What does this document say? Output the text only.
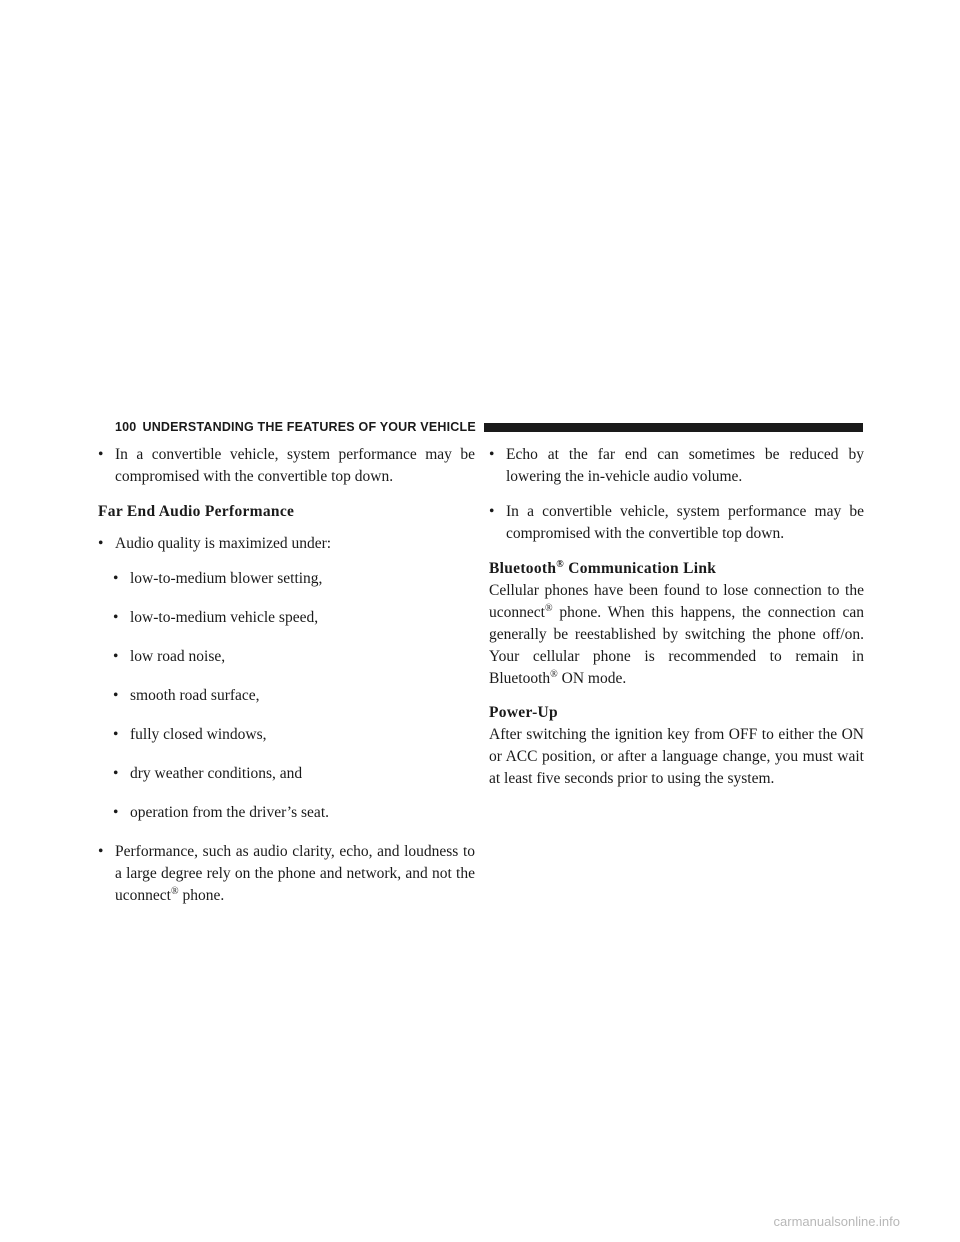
100 UNDERSTANDING THE FEATURES OF YOUR VEHICLE
• In a convertible vehicle, system performance may be compromised with the convertible top down.
Far End Audio Performance
• Audio quality is maximized under:
• low-to-medium blower setting,
• low-to-medium vehicle speed,
• low road noise,
• smooth road surface,
• fully closed windows,
• dry weather conditions, and
• operation from the driver’s seat.
• Performance, such as audio clarity, echo, and loudness to a large degree rely on the phone and network, and not the uconnect® phone.
• Echo at the far end can sometimes be reduced by lowering the in-vehicle audio volume.
• In a convertible vehicle, system performance may be compromised with the convertible top down.
Bluetooth® Communication Link
Cellular phones have been found to lose connection to the uconnect® phone. When this happens, the connection can generally be reestablished by switching the phone off/on. Your cellular phone is recommended to remain in Bluetooth® ON mode.
Power-Up
After switching the ignition key from OFF to either the ON or ACC position, or after a language change, you must wait at least five seconds prior to using the system.
carmanualsonline.info
